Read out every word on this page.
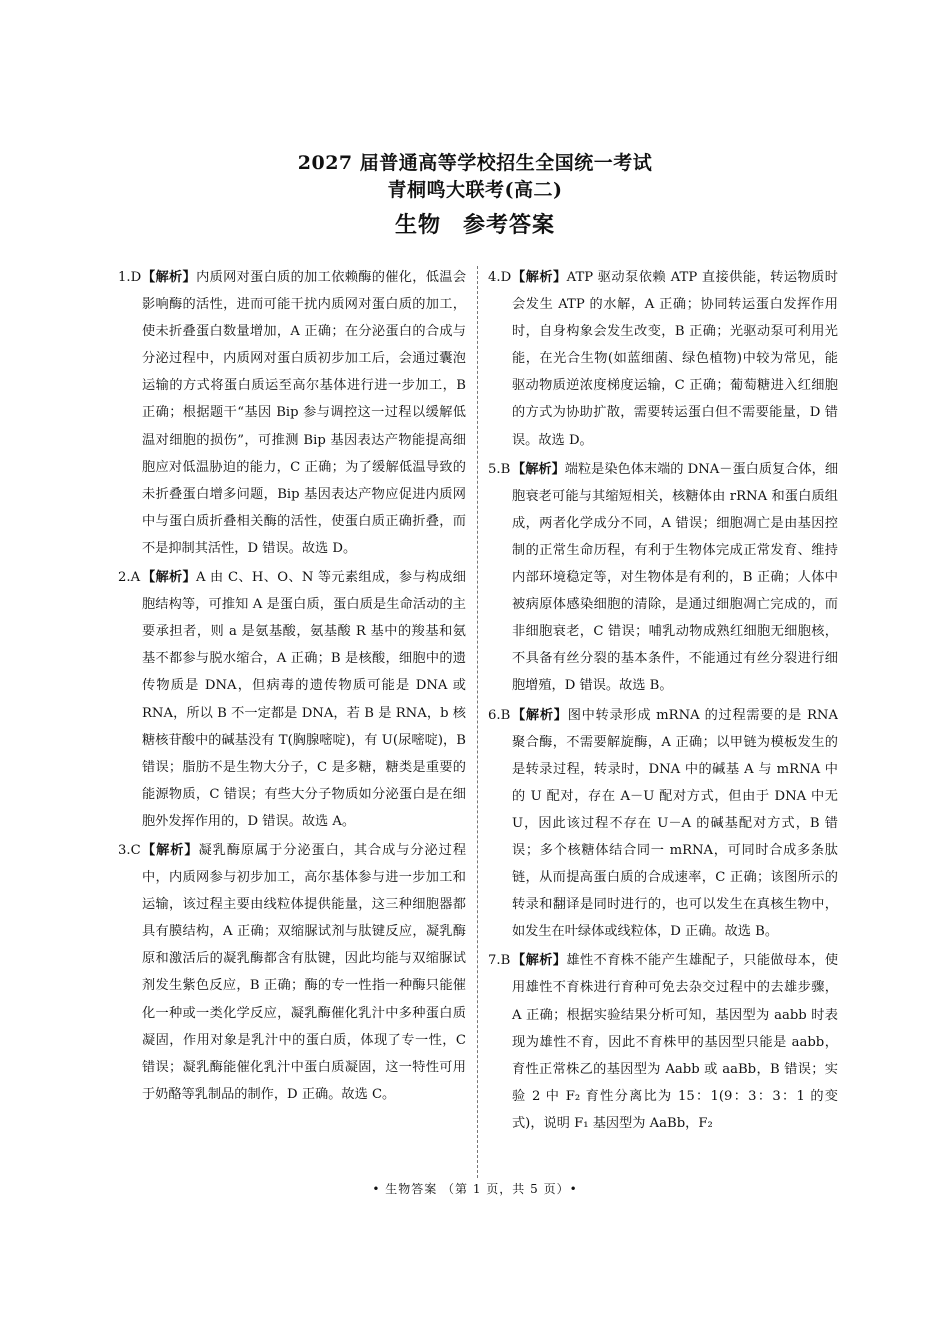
2027 届普通高等学校招生全国统一考试
青桐鸣大联考(高二)
生物 参考答案
1.D 【解析】内质网对蛋白质的加工依赖酶的催化，低温会影响酶的活性，进而可能干扰内质网对蛋白质的加工，使未折叠蛋白数量增加，A 正确；在分泌蛋白的合成与分泌过程中，内质网对蛋白质初步加工后，会通过囊泡运输的方式将蛋白质运至高尔基体进行进一步加工，B 正确；根据题干“基因 Bip 参与调控这一过程以缓解低温对细胞的损伤”，可推测 Bip 基因表达产物能提高细胞应对低温胁迫的能力，C 正确；为了缓解低温导致的未折叠蛋白增多问题，Bip 基因表达产物应促进内质网中与蛋白质折叠相关酶的活性，使蛋白质正确折叠，而不是抑制其活性，D 错误。故选 D。
2.A 【解析】A 由 C、H、O、N 等元素组成，参与构成细胞结构等，可推知 A 是蛋白质，蛋白质是生命活动的主要承担者，则 a 是氨基酸，氨基酸 R 基中的羧基和氨基不都参与脱水缩合，A 正确；B 是核酸，细胞中的遗传物质是 DNA，但病毒的遗传物质可能是 DNA 或 RNA，所以 B 不一定都是 DNA，若 B 是 RNA，b 核糖核苷酸中的碱基没有 T(胸腺嘧啶)，有 U(尿嘧啶)，B 错误；脂肪不是生物大分子，C 是多糖，糖类是重要的能源物质，C 错误；有些大分子物质如分泌蛋白是在细胞外发挥作用的，D 错误。故选 A。
3.C 【解析】凝乳酶原属于分泌蛋白，其合成与分泌过程中，内质网参与初步加工，高尔基体参与进一步加工和运输，该过程主要由线粒体提供能量，这三种细胞器都具有膜结构，A 正确；双缩脲试剂与肽键反应，凝乳酶原和激活后的凝乳酶都含有肽键，因此均能与双缩脲试剂发生紫色反应，B 正确；酶的专一性指一种酶只能催化一种或一类化学反应，凝乳酶催化乳汁中多种蛋白质凝固，作用对象是乳汁中的蛋白质，体现了专一性，C 错误；凝乳酶能催化乳汁中蛋白质凝固，这一特性可用于奶酪等乳制品的制作，D 正确。故选 C。
4.D 【解析】ATP 驱动泵依赖 ATP 直接供能，转运物质时会发生 ATP 的水解，A 正确；协同转运蛋白发挥作用时，自身构象会发生改变，B 正确；光驱动泵可利用光能，在光合生物(如蓝细菌、绿色植物)中较为常见，能驱动物质逆浓度梯度运输，C 正确；葡萄糖进入红细胞的方式为协助扩散，需要转运蛋白但不需要能量，D 错误。故选 D。
5.B 【解析】端粒是染色体末端的 DNA－蛋白质复合体，细胞衰老可能与其缩短相关，核糖体由 rRNA 和蛋白质组成，两者化学成分不同，A 错误；细胞凋亡是由基因控制的正常生命历程，有利于生物体完成正常发育、维持内部环境稳定等，对生物体是有利的，B 正确；人体中被病原体感染细胞的清除，是通过细胞凋亡完成的，而非细胞衰老，C 错误；哺乳动物成熟红细胞无细胞核，不具备有丝分裂的基本条件，不能通过有丝分裂进行细胞增殖，D 错误。故选 B。
6.B 【解析】图中转录形成 mRNA 的过程需要的是 RNA 聚合酶，不需要解旋酶，A 正确；以甲链为模板发生的是转录过程，转录时，DNA 中的碱基 A 与 mRNA 中的 U 配对，存在 A－U 配对方式，但由于 DNA 中无 U，因此该过程不存在 U－A 的碱基配对方式，B 错误；多个核糖体结合同一 mRNA，可同时合成多条肽链，从而提高蛋白质的合成速率，C 正确；该图所示的转录和翻译是同时进行的，也可以发生在真核生物中，如发生在叶绿体或线粒体，D 正确。故选 B。
7.B 【解析】雄性不育株不能产生雄配子，只能做母本，使用雄性不育株进行育种可免去杂交过程中的去雄步骤，A 正确；根据实验结果分析可知，基因型为 aabb 时表现为雄性不育，因此不育株甲的基因型只能是 aabb，育性正常株乙的基因型为 Aabb 或 aaBb，B 错误；实验 2 中 F₂ 育性分离比为 15：1(9：3：3：1 的变式)，说明 F₁ 基因型为 AaBb，F₂
• 生物答案 （第 1 页，共 5 页）•
